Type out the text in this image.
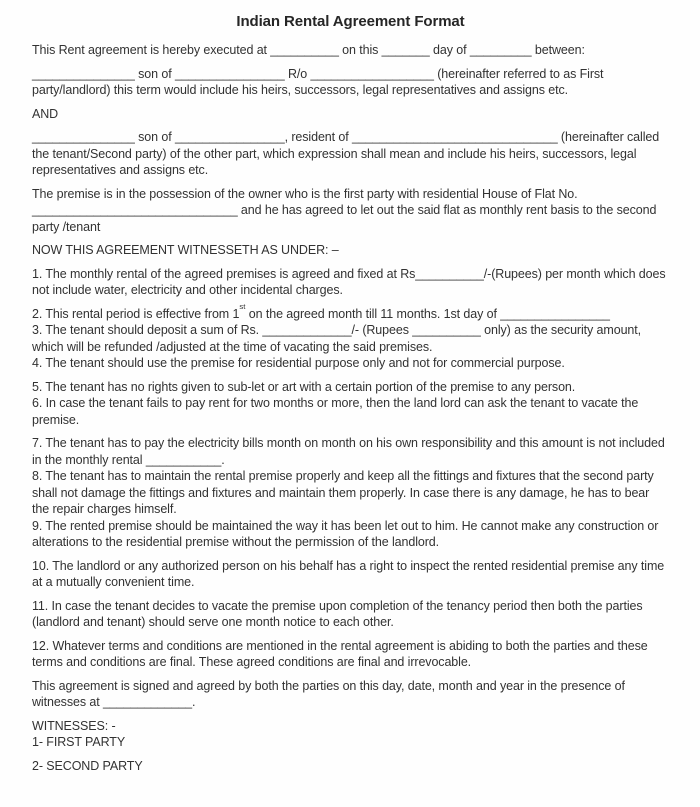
Indian Rental Agreement Format

This Rent agreement is hereby executed at __________ on this _______ day of _________ between:

_______________ son of ________________ R/o __________________ (hereinafter referred to as First party/landlord) this term would include his heirs, successors, legal representatives and assigns etc.

AND

_______________ son of ________________, resident of ______________________________ (hereinafter called the tenant/Second party) of the other part, which expression shall mean and include his heirs, successors, legal representatives and assigns etc.

The premise is in the possession of the owner who is the first party with residential House of Flat No. ______________________________ and he has agreed to let out the said flat as monthly rent basis to the second party /tenant

NOW THIS AGREEMENT WITNESSETH AS UNDER: –

1. The monthly rental of the agreed premises is agreed and fixed at Rs__________/-(Rupees) per month which does not include water, electricity and other incidental charges.

2. This rental period is effective from 1st on the agreed month till 11 months. 1st day of ________________
3. The tenant should deposit a sum of Rs. _____________/- (Rupees __________ only) as the security amount, which will be refunded /adjusted at the time of vacating the said premises.
4. The tenant should use the premise for residential purpose only and not for commercial purpose.

5. The tenant has no rights given to sub-let or art with a certain portion of the premise to any person.
6. In case the tenant fails to pay rent for two months or more, then the land lord can ask the tenant to vacate the premise.

7. The tenant has to pay the electricity bills month on month on his own responsibility and this amount is not included in the monthly rental ___________.
8. The tenant has to maintain the rental premise properly and keep all the fittings and fixtures that the second party shall not damage the fittings and fixtures and maintain them properly. In case there is any damage, he has to bear the repair charges himself.
9. The rented premise should be maintained the way it has been let out to him. He cannot make any construction or alterations to the residential premise without the permission of the landlord.

10. The landlord or any authorized person on his behalf has a right to inspect the rented residential premise any time at a mutually convenient time.

11. In case the tenant decides to vacate the premise upon completion of the tenancy period then both the parties (landlord and tenant) should serve one month notice to each other.

12. Whatever terms and conditions are mentioned in the rental agreement is abiding to both the parties and these terms and conditions are final. These agreed conditions are final and irrevocable.

This agreement is signed and agreed by both the parties on this day, date, month and year in the presence of witnesses at _____________.

WITNESSES: -
1- FIRST PARTY

2- SECOND PARTY
